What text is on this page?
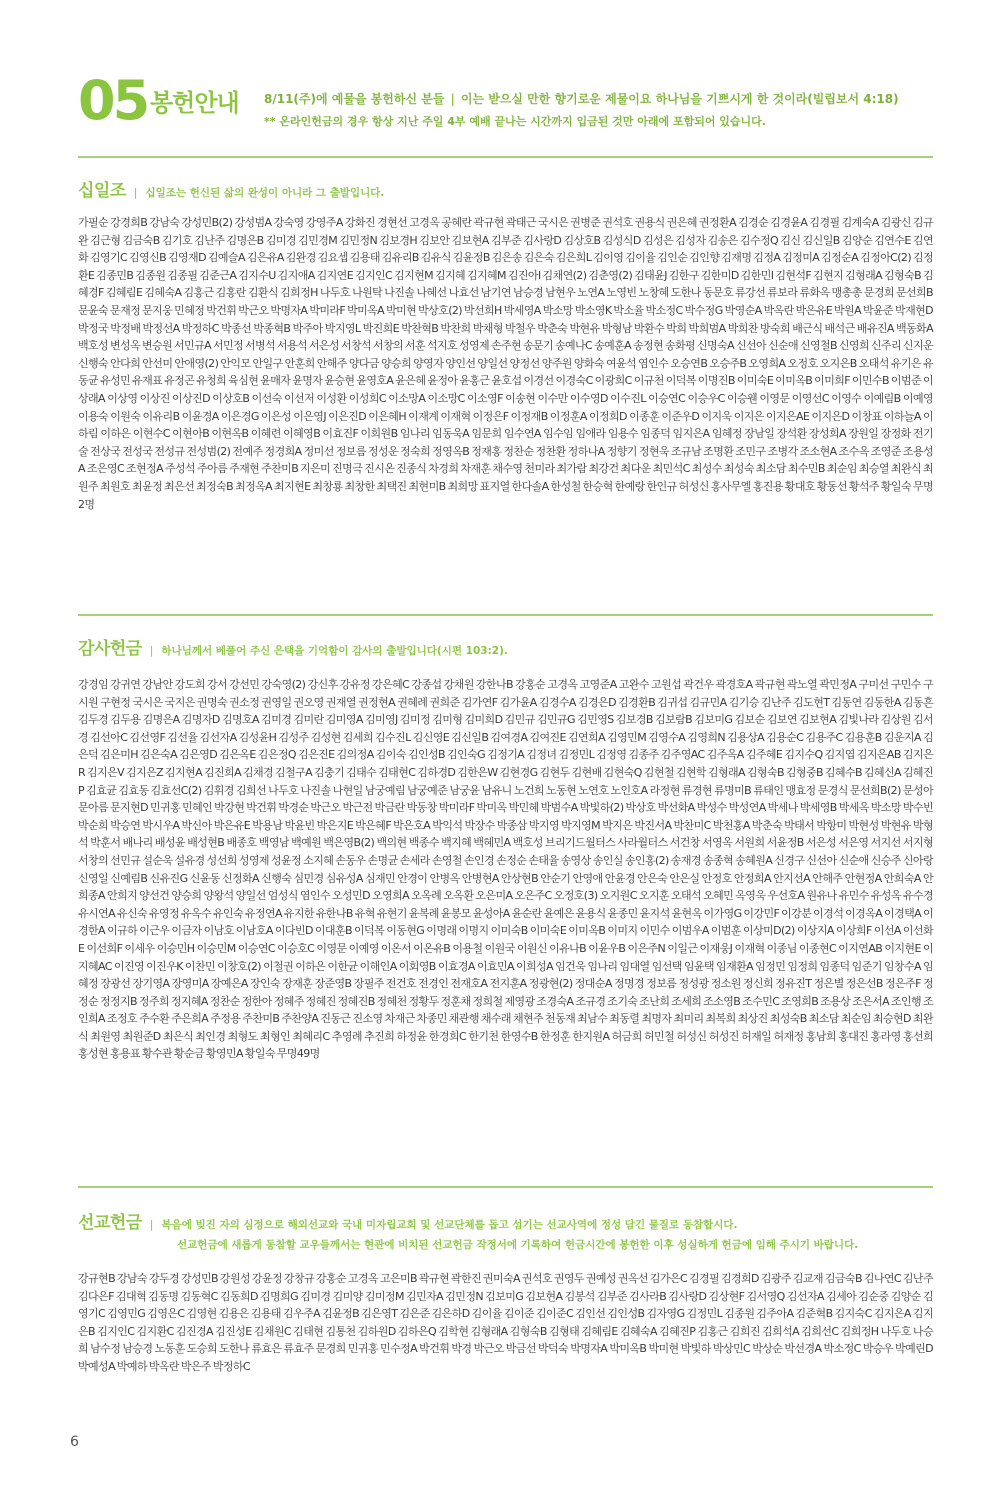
05 봉헌안내 8/11(주)에 예물을 봉헌하신 분들 | 이는 받으실 만한 향기로운 제물이요 하나님을 기쁘시게 한 것이라(빌립보서 4:18)
** 온라인헌금의 경우 항상 지난 주일 4부 예배 끝나는 시간까지 입금된 것만 아래에 포함되어 있습니다.
십일조 | 십일조는 헌신된 삶의 완성이 아니라 그 출발입니다.
가필순 강경희B 강남숙 강성민B(2) 강성범A 강숙영 강영주A 강화진 경현선 고경옥 공혜란 곽규현 곽태근 국시은 권병준 권석호 권용식 권은혜 권정환A 김경순 김경윤A 김경필 김계숙A 김광신 김규완 김근형 김금숙B 김기호 김난주 김명은B 김미경 김민경M 김민정N 김보경H 김보안 김보현A 김부준 김사랑D 김상호B 김성식D 김성은 김성자 김송은 김수정Q 김신 김신일B 김양순 김연수E 김연화 김영기C 김영신B 김영재D 김예슬A 김은유A 김완경 김요셉 김용태 김유리B 김유식 김윤정B 김은송 김은숙 김은희L 김이영 김이율 김인순 김인향 김재명 김정A 김정미A 김정순A 김정아C(2) 김정환E 김종민B 김종원 김종필 김준근A 김지수U 김지애A 김지연E 김지인C 김지현M 김지혜 김지혜M 김진아I 김채연(2) 김춘영(2) 김태윤J 김한구 김한미D 김한민I 김현석F 김현지 김형래A 김형숙B 김혜경F 김혜림E 김혜숙A 김홍근 김홍란 김환식 김희정H 나두호 나원탁 나진솔 나혜선 나효선 남기연 남승경 남현우 노연A 노영빈 노창혜 도한나 동문호 류강선 류보라 류화옥 맹총총 문경희 문선희B 문윤숙 문재정 문지웅 민혜정 박건휘 박근오 박명자A 박미라F 박미옥A 박미현 박상호(2) 박선희H 박세영A 박소망 박소영K 박소율 박소정C 박수정G 박영순A 박옥란 박은유E 박원A 박윤준 박재현D 박정국 박정배 박정선A 박정하C 박종선 박종혁B 박주아 박지영L 박진희E 박찬혁B 박찬희 박채형 박철우 박춘숙 박현유 박형남 박환수 박희 박희범A 박희찬 방숙희 배근식 배석근 배유진A 백동화A 백호성 변성옥 변승원 서민규A 서민정 서병석 서용석 서은성 서창석 서창의 서훈 석지호 성영제 손주현 송문기 송예나C 송예훈A 송정현 송화평 신명숙A 신선아 신순애 신영철B 신영희 신주리 신지운 신행숙 안다희 안선미 안애영(2) 안익모 안일구 안훈희 안해주 양다금 양승희 양영자 양인선 양일선 양정선 양주원 양화숙 여윤석 염인수 오승연B 오승주B 오영희A 오정호 오지은B 오태석 유기은 유동균 유성민 유재표 유정곤 유청희 육심현 윤매자 윤명자 윤승현 윤영호A 윤은혜 윤정아 윤홍근 윤호섭 이경선 이경숙C 이광희C 이규천 이덕복 이명진B 이미숙E 이미옥B 이미희F 이민수B 이범준 이상래A 이상영 이상진 이상진D 이상호B 이선숙 이선저 이성환 이성희C 이소망A 이소망C 이소영F 이송현 이수만 이수영D 이수진L 이승연C 이승우C 이승웬 이영문 이영선C 이영수 이예림B 이예영 이용숙 이원숙 이유리B 이윤경A 이은경G 이은성 이은영J 이은진D 이은혜H 이재계 이재혁 이정은F 이정재B 이정훈A 이정희D 이종훈 이준우D 이지욱 이지은 이지은AE 이지은D 이창표 이하늘A 이하림 이하은 이현수C 이현아B 이현옥B 이혜련 이혜영B 이효진F 이희원B 임나리 임동욱A 임문희 임수연A 임수임 임애라 임용수 임종덕 임지은A 임혜정 장남일 장석환 장성희A 장원일 장정화 전기술 전상국 전성국 전성규 전성범(2) 전예주 정경희A 정미선 정보름 정성운 정숙희 정영옥B 정재홍 정찬순 정찬환 정하나A 정향기 정현욱 조규남 조명환 조민구 조병각 조소현A 조수옥 조영준 조용성A 조은영C 조현정A 주성석 주아름 주재현 주찬미B 지은미 진명극 진시온 진종식 차경희 차재훈 채수영 천미라 최가람 최강건 최다운 최민석C 최성수 최성숙 최소담 최수민B 최순임 최승열 최완식 최원주 최원호 최윤정 최은선 최정숙B 최정옥A 최지현E 최창룡 최창한 최택진 최현미B 최희망 표지열 한다솔A 한성철 한승혁 한예랑 한인규 허성신 홍사무엘 홍진용 황대호 황동선 황석주 황일숙 무명2명
감사헌금 | 하나님께서 베풀어 주신 은택을 기억함이 감사의 출발입니다(시편 103:2).
강경임 강귀연 강남안 강도희 강서 강선민 강숙영(2) 강신후 강유정 강은혜C 강종섭 강채원 강한나B 강홍순 고경옥 고영준A 고완수 고원섭 곽건우 곽경호A 곽규현 곽노열 곽민정A 구미선 구민수 구시원 구현정 국시은 국지은 권명숙 권소정 권영일 권오영 권재열 권정현A 권혜례 권희준 김가연F 김가윤A 김경수A 김경은D 김경환B 김귀섭 김규민A 김기승 김난주 김도현T 김동연 김동한A 김동흔 김두경 김두용 김명은A 김명자D 김명호A 김미경 김미란 김미영A 김미영J 김미정 김미형 김미희D 김민규 김민규G 김민영S 김보경B 김보람B 김보미G 김보순 김보연 김보현A 김빛나라 김상원 김서경 김선아C 김선영F 김선율 김선자A 김성윤H 김성주 김성현 김세희 김수진L 김신영E 김신일B 김여경A 김여진E 김연희A 김영민M 김영수A 김영희N 김용상A 김용순C 김용주C 김용훈B 김운지A 김은덕 김은미H 김은숙A 김은영D 김은옥E 김은정Q 김은진E 김의정A 김이숙 김인성B 김인숙G 김정기A 김정녀 김정민L 김정영 김종주 김주영AC 김주옥A 김주혜E 김지수Q 김지엽 김지은AB 김지은R 김지은V 김지은Z 김지현A 김진희A 김채경 김철구A 김충기 김태수 김태현C 김하경D 김한은W 김현경G 김현두 김현배 김현숙Q 김현철 김현학 김형래A 김형숙B 김형중B 김혜수B 김혜신A 김혜진P 김효균 김효동 김효선C(2) 김휘경 김희선 나두호 나진솔 나현일 남궁예림 남궁예준 남궁윤 남유니 노건희 노동현 노연호 노인호A 라정현 류경현 류명미B 류태인 맹효정 문경식 문선희B(2) 문성아 문아름 문지현D 민귀홍 민혜인 박강현 박건휘 박경순 박근오 박근전 박금란 박동창 박미라F 박미옥 박민혜 박범수A 박빛하(2) 박상호 박선화A 박성수 박성연A 박세나 박세영B 박세옥 박소망 박수빈 박순희 박승연 박시우A 박신아 박은유E 박용남 박윤빈 박은지E 박은혜F 박은호A 박익석 박장수 박종삼 박지영 박지영M 박지은 박진서A 박찬미C 박천홍A 박춘숙 박태서 박항미 박현성 박현유 박형석 박훈서 배나리 배성윤 배성현B 배종호 백영남 백예원 백은영B(2) 백의현 백종수 백지혜 백혜민A 백호성 브리기드월터스 사라월터스 서건창 서영옥 서원희 서윤정B 서은성 서은영 서지선 서지형 서창의 선민규 설순욱 설유경 성선희 성영제 성윤정 소지혜 손동우 손명균 손세라 손영철 손인경 손정순 손태율 송영상 송인실 송인홍(2) 송재경 송종혁 송혜원A 신경구 신선아 신순애 신승주 신아랑 신영일 신예림B 신유진G 신윤동 신정화A 신행숙 심민경 심유성A 심재민 안경이 안병옥 안병현A 안상현B 안순기 안영애 안윤경 안은숙 안은실 안정호 안정희A 안지선A 안해주 안현정A 안희숙A 안희종A 안희지 양선건 양승희 양왕석 양일선 엄성식 염인수 오성민D 오영희A 오옥례 오옥환 오은미A 오은주C 오정호(3) 오지원C 오지훈 오태석 오혜민 옥영욱 우선호A 원유나 유민수 유성옥 유수경 유시연A 유신숙 유영정 유옥수 유인숙 유정연A 유지한 유한나B 유혁 유현기 윤복례 윤봉모 윤성아A 윤순란 윤예은 윤용식 윤종민 윤지석 윤현옥 이가영G 이강민F 이강분 이경석 이경옥A 이경택A 이경한A 이규하 이근우 이금자 이남호 이남호A 이다빈D 이대훈B 이덕복 이동현G 이명래 이명지 이미숙B 이미숙E 이미옥B 이미지 이민수 이범우A 이범훈 이상미D(2) 이상지A 이상희F 이선A 이선화E 이선희F 이세우 이승민H 이승민M 이승연C 이승호C 이영문 이예영 이온서 이온유B 이용철 이원국 이원신 이유나B 이윤우B 이은주N 이일근 이재웅J 이재혁 이종님 이종현C 이지연AB 이지현E 이지혜AC 이진영 이진우K 이찬민 이창호(2) 이철권 이하은 이한균 이해인A 이회영B 이효경A 이효민A 이희성A 임건욱 임나리 임대열 임선택 임윤택 임재환A 임정민 임정희 임종덕 임준기 임창수A 임혜정 장광선 장기영A 장영미A 장예은A 장인숙 장재훈 장준영B 장필주 전건호 전경인 전재호A 전지훈A 정광현(2) 정대순A 정명경 정보름 정성광 정소원 정신희 정유진T 정은별 정은선B 정은주F 정정순 정정지B 정주희 정지혜A 정찬순 정한아 정혜주 정혜진 정혜진B 정혜천 정황두 정훈채 정희철 제영광 조경숙A 조규경 조기숙 조난희 조세희 조소영B 조수민C 조영희B 조용상 조은서A 조인행 조인희A 조정호 주수환 주은희A 주정용 주찬미B 주찬양A 진동근 진소영 차재근 차종민 채관행 채수래 채현주 천동재 최남수 최동렬 최명자 최미리 최복희 최상진 최성숙B 최소담 최순임 최승현D 최완식 최원영 최원준D 최은식 최인경 최형도 최형인 최혜리C 추영례 추진희 하정윤 한경희C 한기천 한영수B 한정훈 한지원A 허금희 허민철 허성신 허성진 허재일 허재정 홍남희 홍대진 홍라영 홍선희 홍성현 홍용표 황수관 황순금 황영민A 황일숙 무명49명
선교헌금 | 복음에 빚진 자의 심정으로 해외선교와 국내 미자립교회 및 선교단체를 돕고 섬기는 선교사역에 정성 담긴 물질로 동참합시다.
선교헌금에 새롭게 동참할 교우들께서는 현관에 비치된 선교헌금 작정서에 기록하여 헌금시간에 봉헌한 이후 성실하게 헌금에 임해 주시기 바랍니다.
강규현B 강남숙 강두경 강성민B 강원성 강윤정 강창규 강홍순 고경옥 고은미B 곽규현 곽한진 권미숙A 권석호 권영두 권예성 권옥선 김가은C 김경필 김경희D 김광주 김교재 김금숙B 김나연C 김난주 김다은F 김대혁 김동명 김동혁C 김동희D 김명희G 김미경 김미양 김미정M 김민자A 김민정N 김보미G 김보현A 김봉석 김부준 김사라B 김사랑D 김상현F 김서영Q 김선자A 김세아 김순중 김양순 김영기C 김영민G 김영은C 김영현 김용은 김용태 김우주A 김윤정B 김은영T 김은준 김은하D 김이율 김이준 김이준C 김인선 김인성B 김자영G 김정민L 김종원 김주아A 김준혁B 김지숙C 김지은A 김지은B 김지인C 김지환C 김진경A 김진성E 김채원C 김태현 김통천 김하원D 김하은Q 김학현 김형래A 김형숙B 김형태 김혜림E 김혜숙A 김혜진P 김홍근 김희진 김희석A 김희선C 김희정H 나두호 나승희 남수정 남승경 노동훈 도승희 도한나 류효은 류효주 문경희 민귀홍 민수정A 박건휘 박경 박근오 박금선 박덕숙 박명자A 박미옥B 박미현 박빛하 박상민C 박상순 박선경A 박소정C 박승우 박예린D 박예성A 박예하 박옥란 박은주 박정하C
6
